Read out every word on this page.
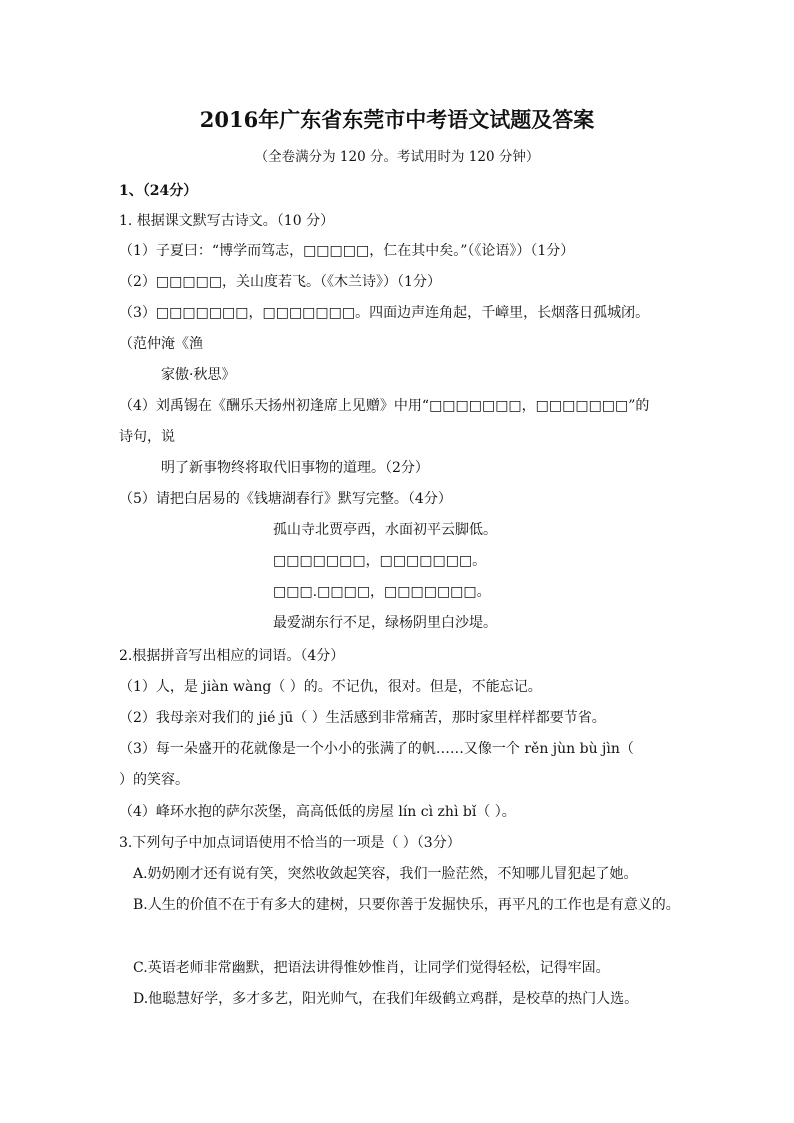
2016年广东省东莞市中考语文试题及答案
（全卷满分为 120 分。考试用时为 120 分钟）
1、（24分）
1. 根据课文默写古诗文。（10 分）
（1）子夏曰：“博学而笃志，□□□□□，仁在其中矣。”（《论语》）（1分）
（2）□□□□□，关山度若飞。（《木兰诗》）（1分）
（3）□□□□□□□，□□□□□□□。四面边声连角起，千嶂里，长烟落日孤城闭。
（范仲淹《渔
家傲·秋思》
（4）刘禹锡在《酬乐天扬州初逢席上见赠》中用“□□□□□□□，□□□□□□□”的
诗句，说
明了新事物终将取代旧事物的道理。（2分）
（5）请把白居易的《钱塘湖春行》默写完整。（4分）
孤山寺北贾亭西，水面初平云脚低。
□□□□□□□，□□□□□□□。
□□□.□□□□，□□□□□□□。
最爱湖东行不足，绿杨阴里白沙堤。
2.根据拼音写出相应的词语。（4分）
（1）人，是 jiàn wàng（ ）的。不记仇，很对。但是，不能忘记。
（2）我母亲对我们的 jié jū（ ）生活感到非常痛苦，那时家里样样都要节省。
（3）每一朵盛开的花就像是一个小小的张满了的帆……又像一个 rěn jùn bù jìn（
）的笑容。
（4）峰环水抱的萨尔茨堡，高高低低的房屋 lín cì zhì bǐ（ ）。
3.下列句子中加点词语使用不恰当的一项是（ ）（3分）
A.奶奶刚才还有说有笑，突然收敛起笑容，我们一脸茫然，不知哪儿冒犯起了她。
B.人生的价值不在于有多大的建树，只要你善于发掘快乐，再平凡的工作也是有意义的。
C.英语老师非常幽默，把语法讲得惟妙惟肖，让同学们觉得轻松，记得牢固。
D.他聪慧好学，多才多艺，阳光帅气，在我们年级鹤立鸡群，是校草的热门人选。
